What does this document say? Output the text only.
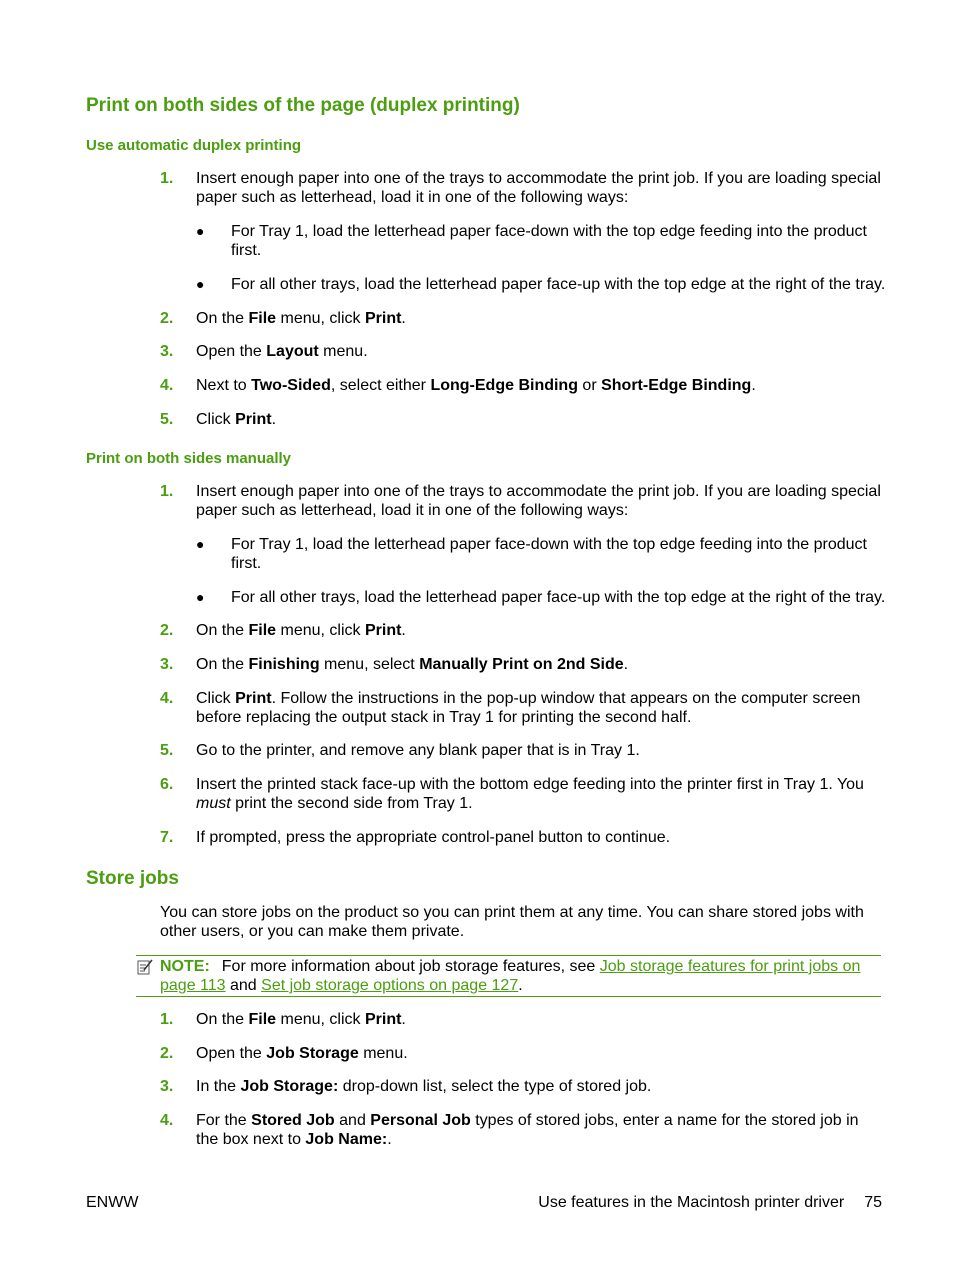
Print on both sides of the page (duplex printing)
Use automatic duplex printing
1. Insert enough paper into one of the trays to accommodate the print job. If you are loading special paper such as letterhead, load it in one of the following ways:
● For Tray 1, load the letterhead paper face-down with the top edge feeding into the product first.
● For all other trays, load the letterhead paper face-up with the top edge at the right of the tray.
2. On the File menu, click Print.
3. Open the Layout menu.
4. Next to Two-Sided, select either Long-Edge Binding or Short-Edge Binding.
5. Click Print.
Print on both sides manually
1. Insert enough paper into one of the trays to accommodate the print job. If you are loading special paper such as letterhead, load it in one of the following ways:
● For Tray 1, load the letterhead paper face-down with the top edge feeding into the product first.
● For all other trays, load the letterhead paper face-up with the top edge at the right of the tray.
2. On the File menu, click Print.
3. On the Finishing menu, select Manually Print on 2nd Side.
4. Click Print. Follow the instructions in the pop-up window that appears on the computer screen before replacing the output stack in Tray 1 for printing the second half.
5. Go to the printer, and remove any blank paper that is in Tray 1.
6. Insert the printed stack face-up with the bottom edge feeding into the printer first in Tray 1. You must print the second side from Tray 1.
7. If prompted, press the appropriate control-panel button to continue.
Store jobs

You can store jobs on the product so you can print them at any time. You can share stored jobs with other users, or you can make them private.

NOTE: For more information about job storage features, see Job storage features for print jobs on page 113 and Set job storage options on page 127.
1. On the File menu, click Print.
2. Open the Job Storage menu.
3. In the Job Storage: drop-down list, select the type of stored job.
4. For the Stored Job and Personal Job types of stored jobs, enter a name for the stored job in the box next to Job Name:.
ENWW	Use features in the Macintosh printer driver 75
